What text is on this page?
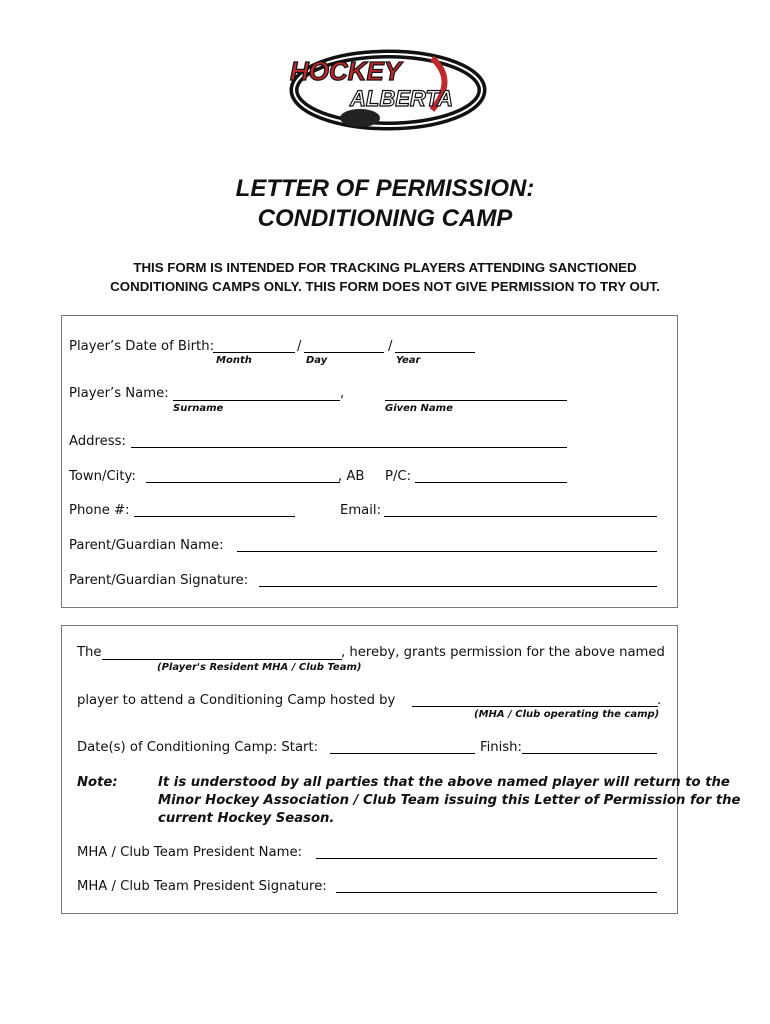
HOCKEY
ALBERTA
LETTER OF PERMISSION:
CONDITIONING CAMP
THIS FORM IS INTENDED FOR TRACKING PLAYERS ATTENDING SANCTIONED
CONDITIONING CAMPS ONLY. THIS FORM DOES NOT GIVE PERMISSION TO TRY OUT.
Player’s Date of Birth:	/	/
Month	Day	Year
Player’s Name:	,
Surname	Given Name
Address:
Town/City:	, AB P/C:
Phone #:	Email:
Parent/Guardian Name:
Parent/Guardian Signature:
The	, hereby, grants permission for the above named
(Player's Resident MHA / Club Team)
player to attend a Conditioning Camp hosted by	.
(MHA / Club operating the camp)
Date(s) of Conditioning Camp: Start:	Finish:
Note:	It is understood by all parties that the above named player will return to the
Minor Hockey Association / Club Team issuing this Letter of Permission for the
current Hockey Season.
MHA / Club Team President Name:
MHA / Club Team President Signature:
